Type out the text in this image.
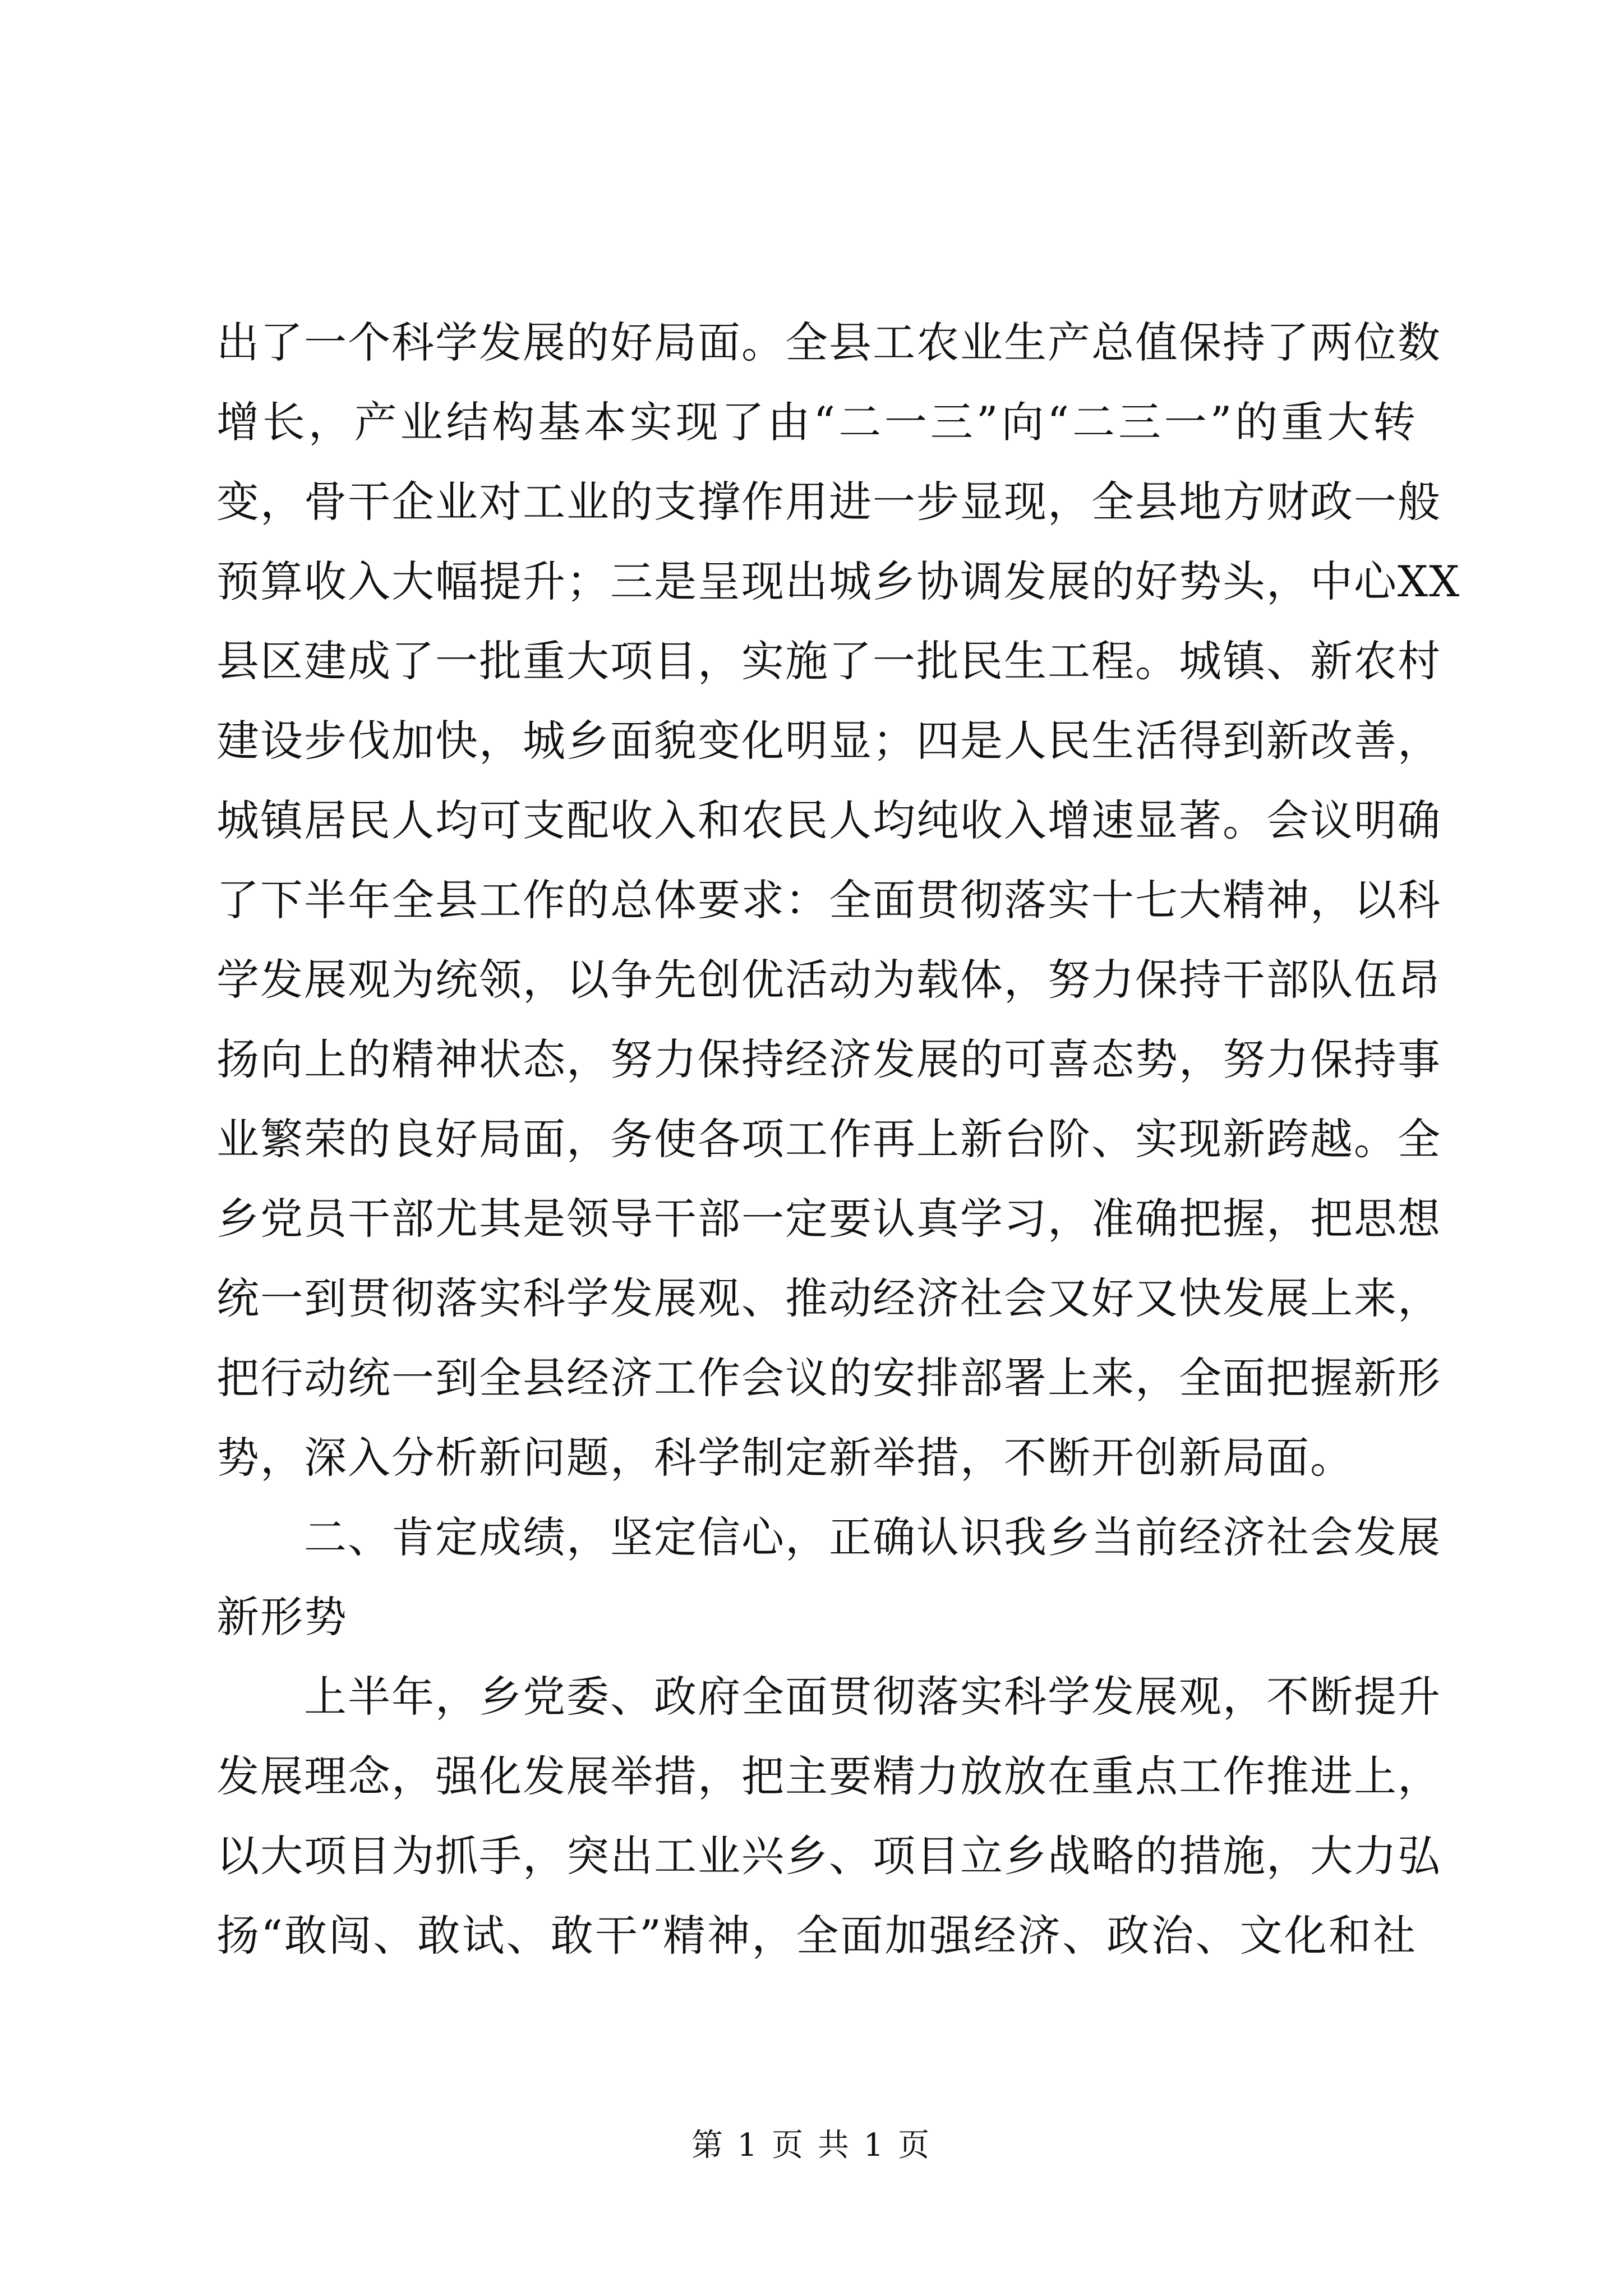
出了一个科学发展的好局面。全县工农业生产总值保持了两位数
增长，产业结构基本实现了由“二一三”向“二三一”的重大转
变，骨干企业对工业的支撑作用进一步显现，全县地方财政一般
预算收入大幅提升；三是呈现出城乡协调发展的好势头，中心XX
县区建成了一批重大项目，实施了一批民生工程。城镇、新农村
建设步伐加快，城乡面貌变化明显；四是人民生活得到新改善，
城镇居民人均可支配收入和农民人均纯收入增速显著。会议明确
了下半年全县工作的总体要求：全面贯彻落实十七大精神，以科
学发展观为统领，以争先创优活动为载体，努力保持干部队伍昂
扬向上的精神状态，努力保持经济发展的可喜态势，努力保持事
业繁荣的良好局面，务使各项工作再上新台阶、实现新跨越。全
乡党员干部尤其是领导干部一定要认真学习，准确把握，把思想
统一到贯彻落实科学发展观、推动经济社会又好又快发展上来，
把行动统一到全县经济工作会议的安排部署上来，全面把握新形
势，深入分析新问题，科学制定新举措，不断开创新局面。
　　二、肯定成绩，坚定信心，正确认识我乡当前经济社会发展
新形势
　　上半年，乡党委、政府全面贯彻落实科学发展观，不断提升
发展理念，强化发展举措，把主要精力放放在重点工作推进上，
以大项目为抓手，突出工业兴乡、项目立乡战略的措施，大力弘
扬“敢闯、敢试、敢干”精神，全面加强经济、政治、文化和社
第 1 页 共 1 页
